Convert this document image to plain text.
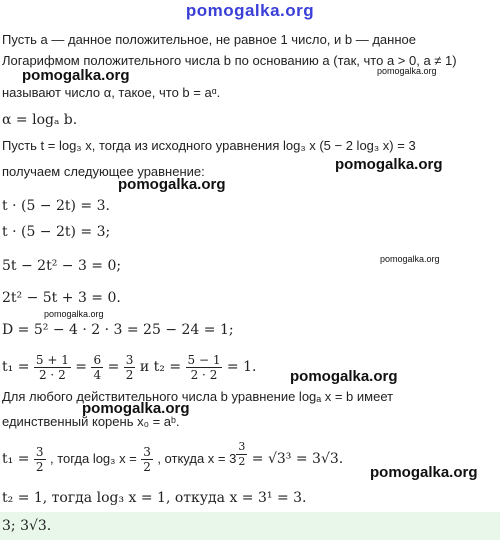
pomogalka.org
Пусть a — данное положительное, не равное 1 число, и b — данное
Логарифмом положительного числа b по основанию a (так, что a > 0, a ≠ 1)
называют число α, такое, что b = aᵅ.
α = logₐ b.
Пусть t = log₃ x, тогда из исходного уравнения log₃ x (5 − 2 log₃ x) = 3
получаем следующее уравнение:
t · (5 − 2t) = 3.
t · (5 − 2t) = 3;
5t − 2t² − 3 = 0;
2t² − 5t + 3 = 0.
D = 5² − 4 · 2 · 3 = 25 − 24 = 1;
$t_1 = \frac{5 + 1}{2 \cdot 2} = \frac{6}{4} = \frac{3}{2}$ и $t_2 = \frac{5 - 1}{2 \cdot 2} = 1$.
Для любого действительного числа b уравнение logₐ x = b имеет
единственный корень x₀ = aᵇ.
$t_1 = \frac{3}{2}$ , тогда log₃ $x = \frac{3}{2}$ , откуда $x = 3 \frac{3}{2} = √3^3 = 3√3$.
t₂ = 1, тогда log₃ x = 1, откуда x = 3¹ = 3.
3; 3√3.
pomogalka.org	pomogalka.org
pomogalka.org
pomogalka.org
pomogalka.org
pomogalka.org
pomogalka.org
pomogalka.org
pomogalka.org
